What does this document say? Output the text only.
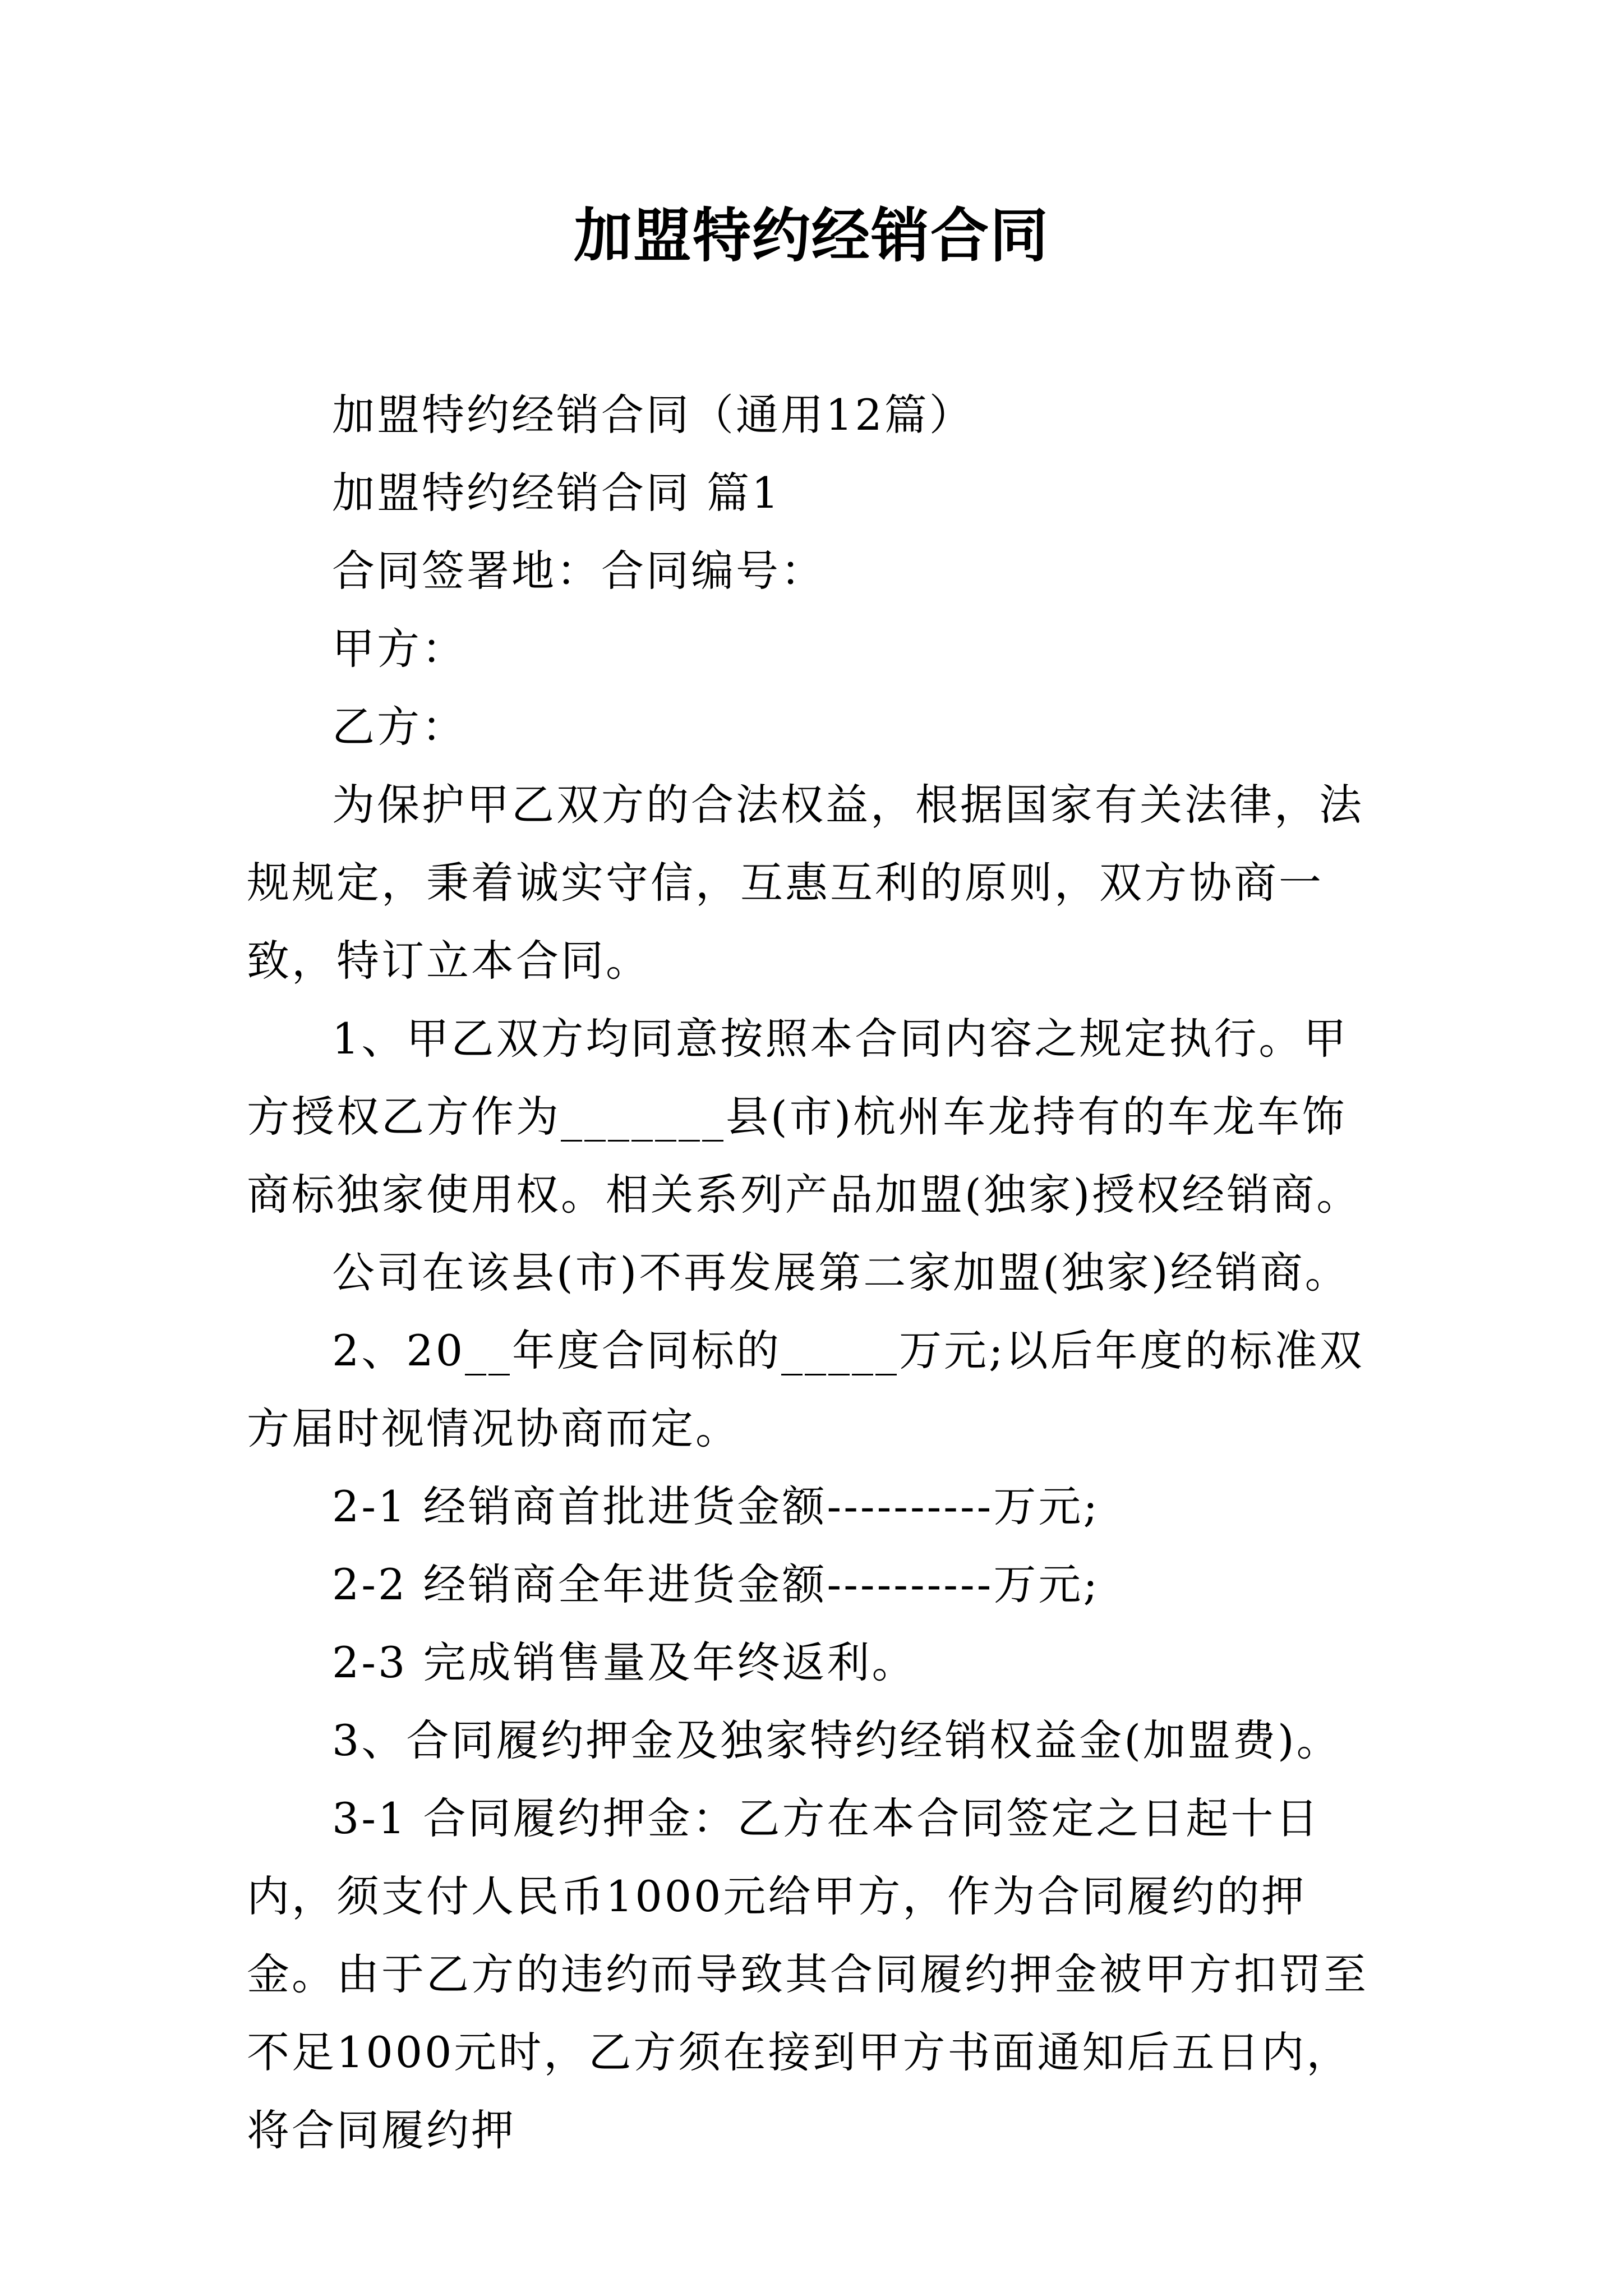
加盟特约经销合同

加盟特约经销合同（通用12篇）

加盟特约经销合同 篇1

合同签署地：合同编号：

甲方：

乙方：

为保护甲乙双方的合法权益，根据国家有关法律，法规规定，秉着诚实守信，互惠互利的原则，双方协商一致，特订立本合同。

1、甲乙双方均同意按照本合同内容之规定执行。甲方授权乙方作为_______县(市)杭州车龙持有的车龙车饰商标独家使用权。相关系列产品加盟(独家)授权经销商。

公司在该县(市)不再发展第二家加盟(独家)经销商。

2、20__年度合同标的_____万元;以后年度的标准双方届时视情况协商而定。

2-1 经销商首批进货金额----------万元;

2-2 经销商全年进货金额----------万元;

2-3 完成销售量及年终返利。

3、合同履约押金及独家特约经销权益金(加盟费)。

3-1 合同履约押金：乙方在本合同签定之日起十日内，须支付人民币1000元给甲方，作为合同履约的押金。由于乙方的违约而导致其合同履约押金被甲方扣罚至不足1000元时，乙方须在接到甲方书面通知后五日内，将合同履约押
